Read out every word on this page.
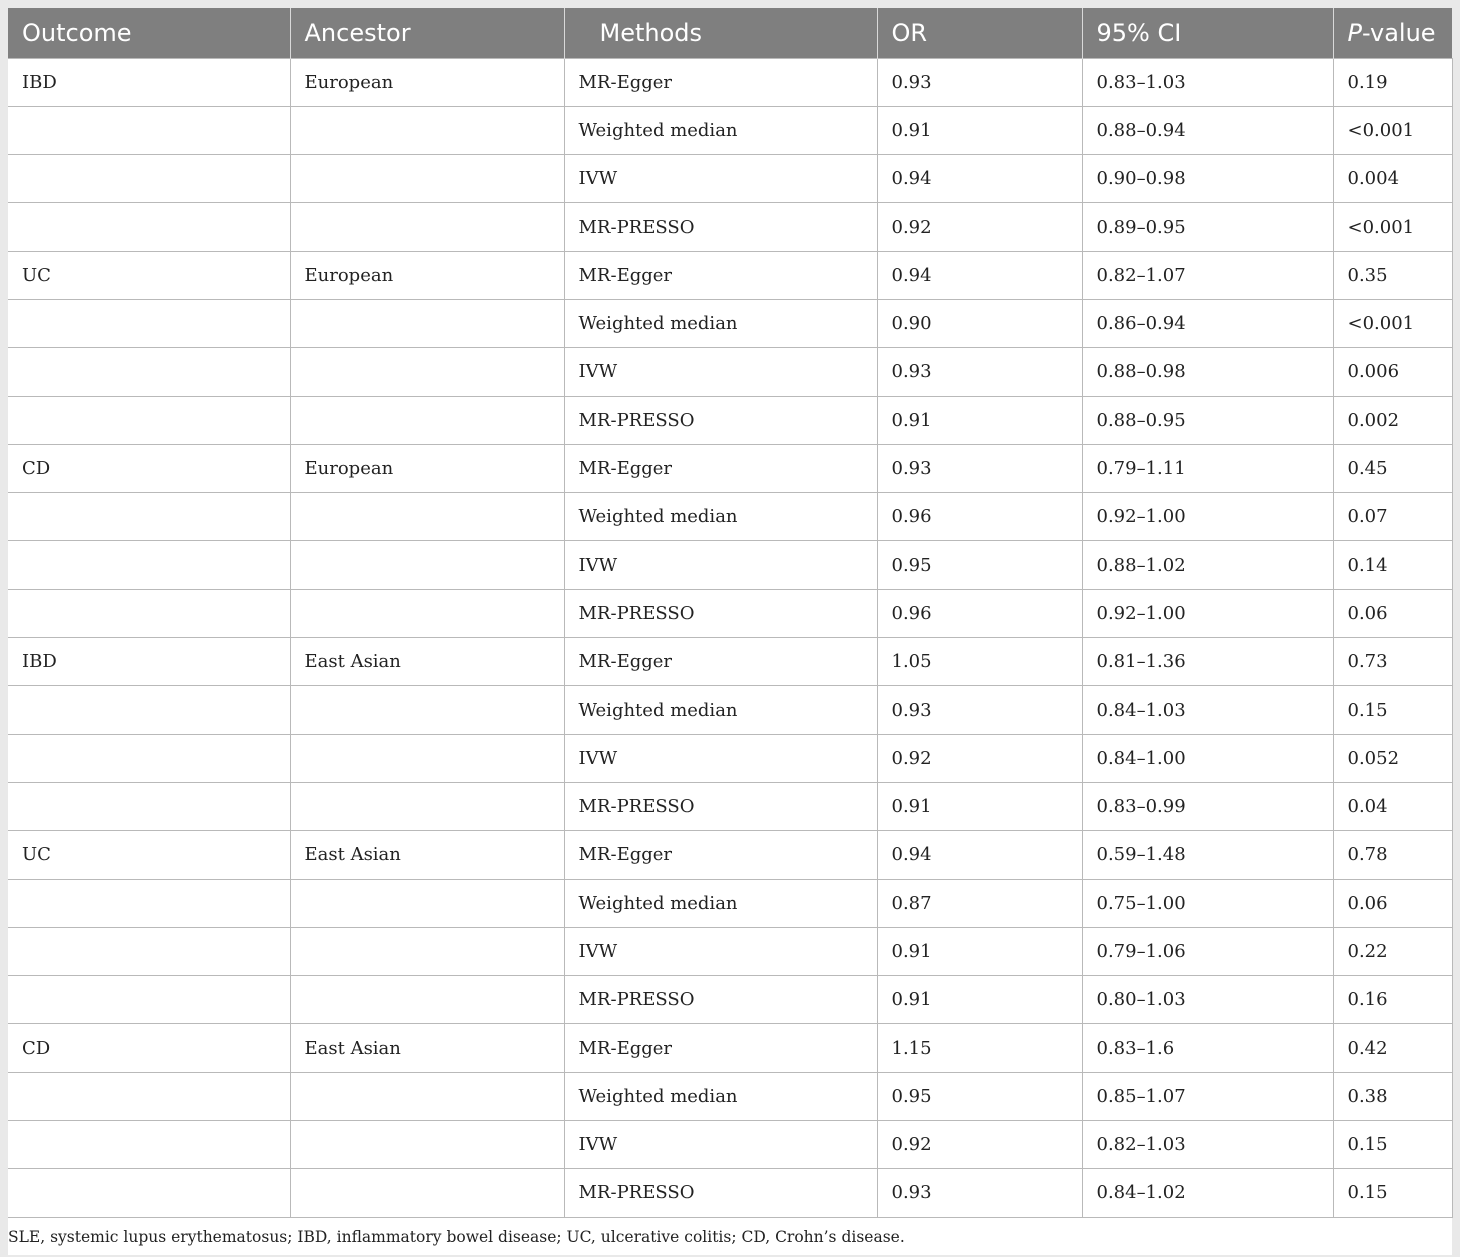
Outcome	Ancestor	Methods	OR	95% CI	P-value
IBD	European	MR-Egger	0.93	0.83–1.03	0.19
		Weighted median	0.91	0.88–0.94	<0.001
		IVW	0.94	0.90–0.98	0.004
		MR-PRESSO	0.92	0.89–0.95	<0.001
UC	European	MR-Egger	0.94	0.82–1.07	0.35
		Weighted median	0.90	0.86–0.94	<0.001
		IVW	0.93	0.88–0.98	0.006
		MR-PRESSO	0.91	0.88–0.95	0.002
CD	European	MR-Egger	0.93	0.79–1.11	0.45
		Weighted median	0.96	0.92–1.00	0.07
		IVW	0.95	0.88–1.02	0.14
		MR-PRESSO	0.96	0.92–1.00	0.06
IBD	East Asian	MR-Egger	1.05	0.81–1.36	0.73
		Weighted median	0.93	0.84–1.03	0.15
		IVW	0.92	0.84–1.00	0.052
		MR-PRESSO	0.91	0.83–0.99	0.04
UC	East Asian	MR-Egger	0.94	0.59–1.48	0.78
		Weighted median	0.87	0.75–1.00	0.06
		IVW	0.91	0.79–1.06	0.22
		MR-PRESSO	0.91	0.80–1.03	0.16
CD	East Asian	MR-Egger	1.15	0.83–1.6	0.42
		Weighted median	0.95	0.85–1.07	0.38
		IVW	0.92	0.82–1.03	0.15
		MR-PRESSO	0.93	0.84–1.02	0.15
SLE, systemic lupus erythematosus; IBD, inflammatory bowel disease; UC, ulcerative colitis; CD, Crohn’s disease.
